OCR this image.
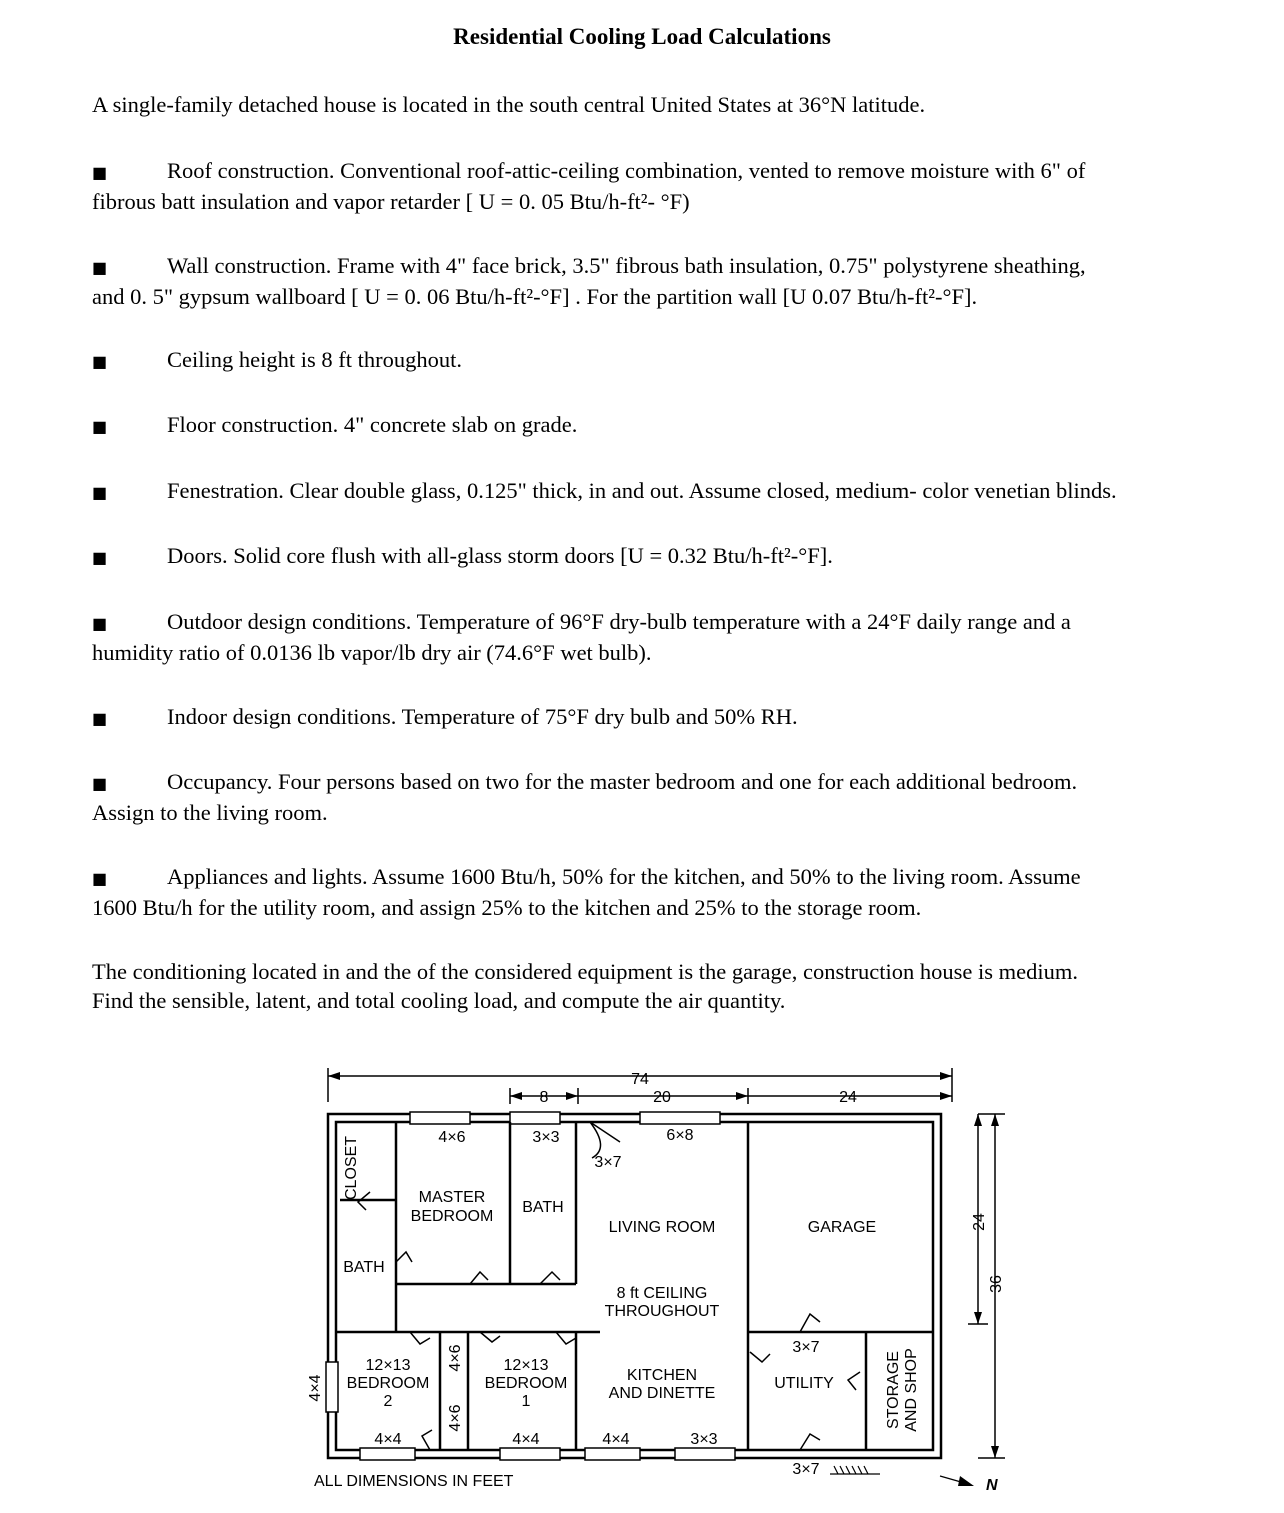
Residential Cooling Load Calculations
A single-family detached house is located in the south central United States at 36°N latitude.
■	Roof construction. Conventional roof-attic-ceiling combination, vented to remove moisture with 6" of
fibrous batt insulation and vapor retarder [ U = 0. 05 Btu/h-ft²- °F)
■	Wall construction. Frame with 4" face brick, 3.5" fibrous bath insulation, 0.75" polystyrene sheathing,
and 0. 5" gypsum wallboard [ U = 0. 06 Btu/h-ft²-°F] . For the partition wall [U 0.07 Btu/h-ft²-°F].
■	Ceiling height is 8 ft throughout.
■	Floor construction. 4" concrete slab on grade.
■	Fenestration. Clear double glass, 0.125" thick, in and out. Assume closed, medium- color venetian blinds.
■	Doors. Solid core flush with all-glass storm doors [U = 0.32 Btu/h-ft²-°F].
■	Outdoor design conditions. Temperature of 96°F dry-bulb temperature with a 24°F daily range and a
humidity ratio of 0.0136 lb vapor/lb dry air (74.6°F wet bulb).
■	Indoor design conditions. Temperature of 75°F dry bulb and 50% RH.
■	Occupancy. Four persons based on two for the master bedroom and one for each additional bedroom.
Assign to the living room.
■	Appliances and lights. Assume 1600 Btu/h, 50% for the kitchen, and 50% to the living room. Assume
1600 Btu/h for the utility room, and assign 25% to the kitchen and 25% to the storage room.
The conditioning located in and the of the considered equipment is the garage, construction house is medium.
Find the sensible, latent, and total cooling load, and compute the air quantity.
74
8	20	24
24
36
CLOSET	MASTER
BEDROOM
BATH
BATH
LIVING ROOM	GARAGE
8 ft CEILING
THROUGHOUT
12×13
BEDROOM
2
12×13
BEDROOM
1
KITCHEN
AND DINETTE
UTILITY	STORAGE AND SHOP
4×6	3×3	6×8
3×7
4×6
4×6
4×4
4×4	4×4	4×4	3×3
3×7
3×7
ALL DIMENSIONS IN FEET	N
